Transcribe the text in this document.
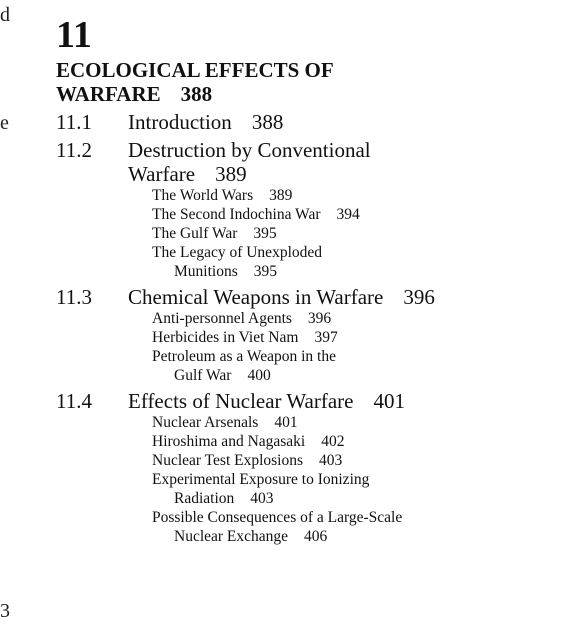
d
e
3
11
ECOLOGICAL EFFECTS OF
WARFARE 388
11.1	Introduction 388
11.2	Destruction by Conventional
Warfare 389
The World Wars 389
The Second Indochina War 394
The Gulf War 395
The Legacy of Unexploded
Munitions 395
11.3	Chemical Weapons in Warfare 396
Anti-personnel Agents 396
Herbicides in Viet Nam 397
Petroleum as a Weapon in the
Gulf War 400
11.4	Effects of Nuclear Warfare 401
Nuclear Arsenals 401
Hiroshima and Nagasaki 402
Nuclear Test Explosions 403
Experimental Exposure to Ionizing
Radiation 403
Possible Consequences of a Large-Scale
Nuclear Exchange 406
